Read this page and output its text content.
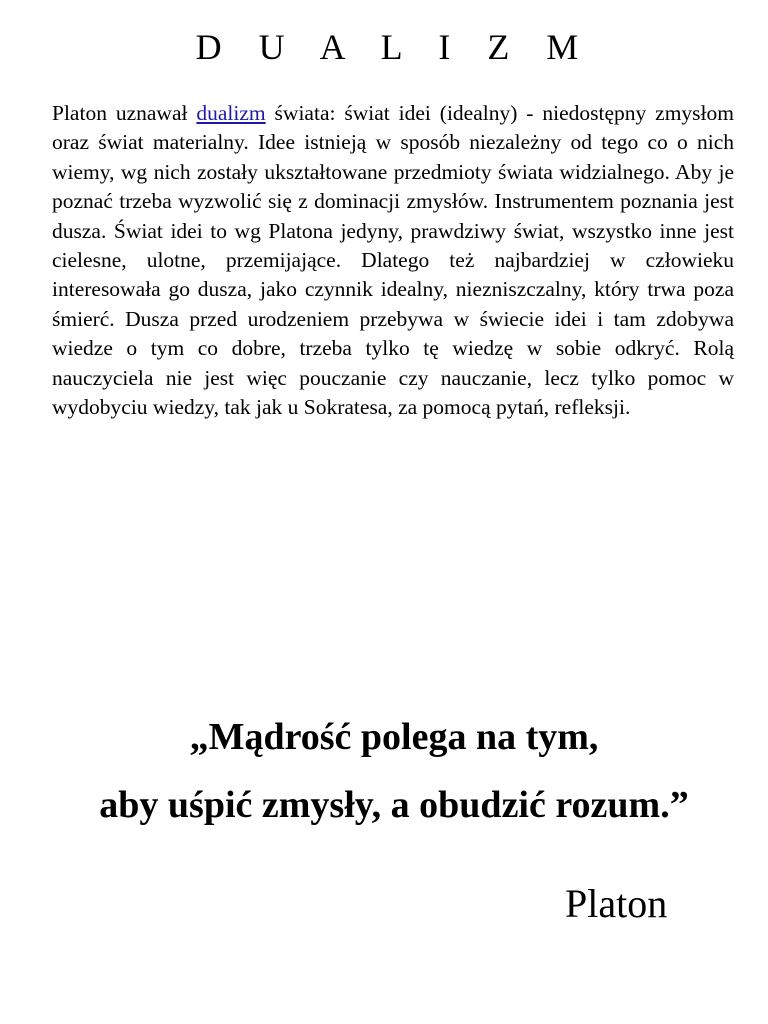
D U A L I Z M

Platon uznawał dualizm świata: świat idei (idealny) - niedostępny zmysłom oraz świat materialny. Idee istnieją w sposób niezależny od tego co o nich wiemy, wg nich zostały ukształtowane przedmioty świata widzialnego. Aby je poznać trzeba wyzwolić się z dominacji zmysłów. Instrumentem poznania jest dusza. Świat idei to wg Platona jedyny, prawdziwy świat, wszystko inne jest cielesne, ulotne, przemijające. Dlatego też najbardziej w człowieku interesowała go dusza, jako czynnik idealny, niezniszczalny, który trwa poza śmierć. Dusza przed urodzeniem przebywa w świecie idei i tam zdobywa wiedze o tym co dobre, trzeba tylko tę wiedzę w sobie odkryć. Rolą nauczyciela nie jest więc pouczanie czy nauczanie, lecz tylko pomoc w wydobyciu wiedzy, tak jak u Sokratesa, za pomocą pytań, refleksji.

„Mądrość polega na tym,
aby uśpić zmysły, a obudzić rozum.”

Platon
